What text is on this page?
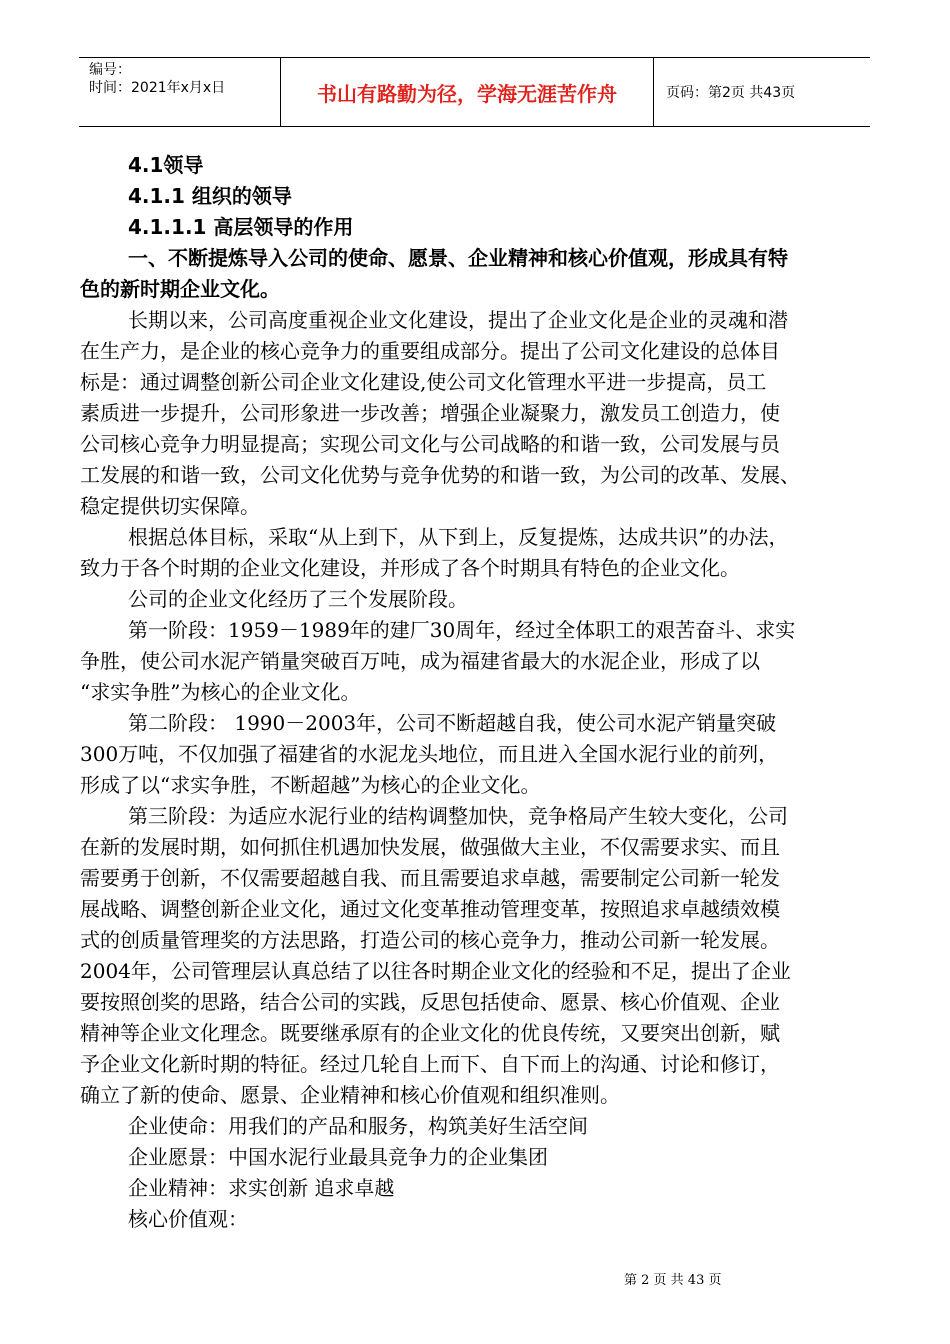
编号：
时间：2021年x月x日	书山有路勤为径，学海无涯苦作舟	页码：第2页 共43页
4.1领导
4.1.1 组织的领导
4.1.1.1 高层领导的作用
一、不断提炼导入公司的使命、愿景、企业精神和核心价值观，形成具有特
色的新时期企业文化。
长期以来，公司高度重视企业文化建设，提出了企业文化是企业的灵魂和潜
在生产力，是企业的核心竞争力的重要组成部分。提出了公司文化建设的总体目
标是：通过调整创新公司企业文化建设,使公司文化管理水平进一步提高，员工
素质进一步提升，公司形象进一步改善；增强企业凝聚力，激发员工创造力，使
公司核心竞争力明显提高；实现公司文化与公司战略的和谐一致，公司发展与员
工发展的和谐一致，公司文化优势与竞争优势的和谐一致，为公司的改革、发展、
稳定提供切实保障。
根据总体目标，采取“从上到下，从下到上，反复提炼，达成共识”的办法，
致力于各个时期的企业文化建设，并形成了各个时期具有特色的企业文化。
公司的企业文化经历了三个发展阶段。
第一阶段：1959－1989年的建厂30周年，经过全体职工的艰苦奋斗、求实
争胜，使公司水泥产销量突破百万吨，成为福建省最大的水泥企业，形成了以
“求实争胜”为核心的企业文化。
第二阶段： 1990－2003年，公司不断超越自我，使公司水泥产销量突破
300万吨，不仅加强了福建省的水泥龙头地位，而且进入全国水泥行业的前列，
形成了以“求实争胜，不断超越”为核心的企业文化。
第三阶段：为适应水泥行业的结构调整加快，竞争格局产生较大变化，公司
在新的发展时期，如何抓住机遇加快发展，做强做大主业，不仅需要求实、而且
需要勇于创新，不仅需要超越自我、而且需要追求卓越，需要制定公司新一轮发
展战略、调整创新企业文化，通过文化变革推动管理变革，按照追求卓越绩效模
式的创质量管理奖的方法思路，打造公司的核心竞争力，推动公司新一轮发展。
2004年，公司管理层认真总结了以往各时期企业文化的经验和不足，提出了企业
要按照创奖的思路，结合公司的实践，反思包括使命、愿景、核心价值观、企业
精神等企业文化理念。既要继承原有的企业文化的优良传统，又要突出创新，赋
予企业文化新时期的特征。经过几轮自上而下、自下而上的沟通、讨论和修订，
确立了新的使命、愿景、企业精神和核心价值观和组织准则。
企业使命：用我们的产品和服务，构筑美好生活空间
企业愿景：中国水泥行业最具竞争力的企业集团
企业精神：求实创新 追求卓越
核心价值观：
第 2 页 共 43 页
